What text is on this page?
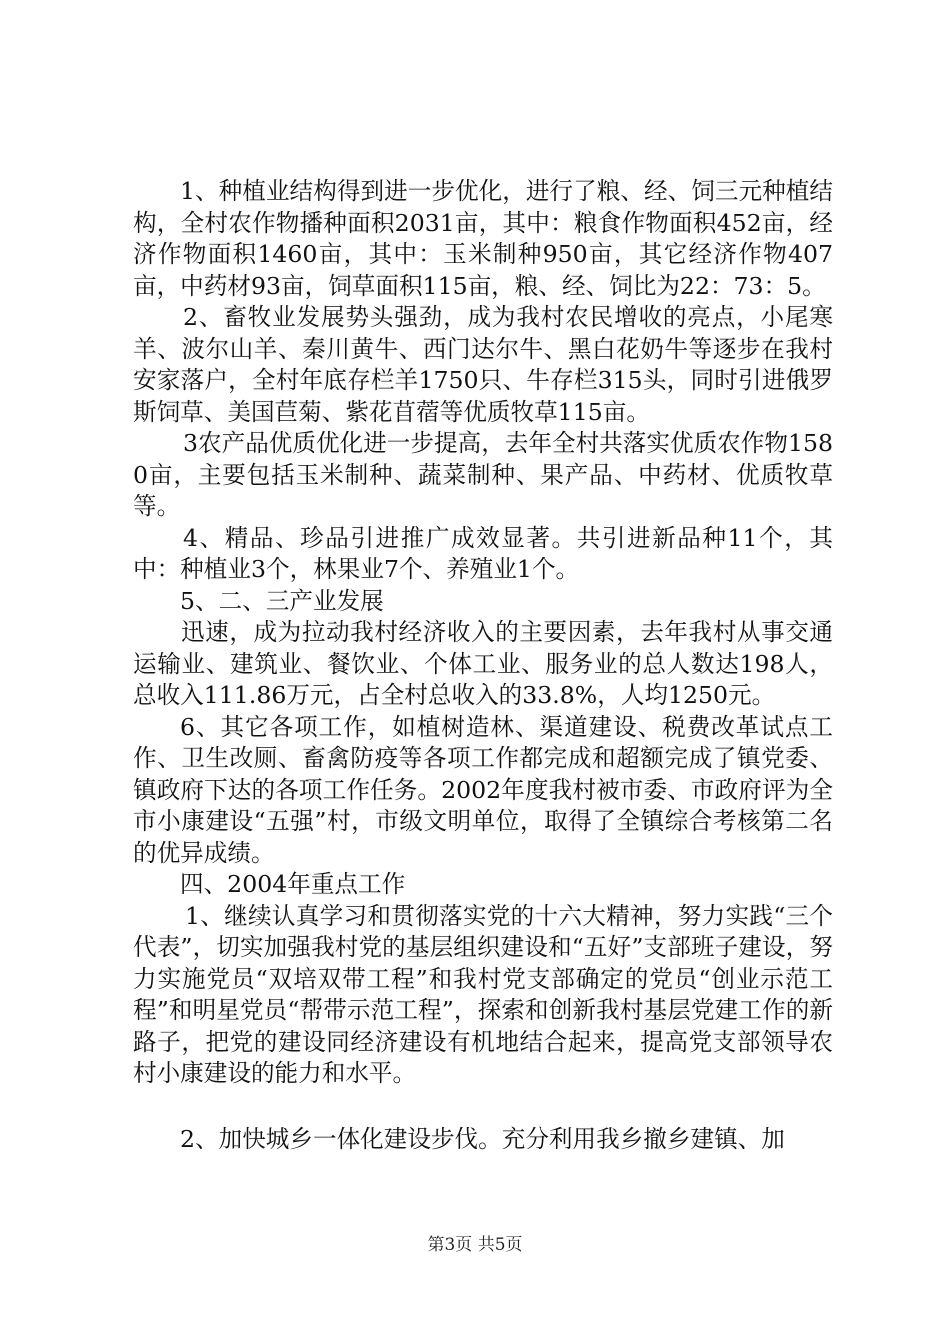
1、种植业结构得到进一步优化，进行了粮、经、饲三元种植结构，全村农作物播种面积2031亩，其中：粮食作物面积452亩，经济作物面积1460亩，其中：玉米制种950亩，其它经济作物407亩，中药材93亩，饲草面积115亩，粮、经、饲比为22：73：5。

2、畜牧业发展势头强劲，成为我村农民增收的亮点，小尾寒羊、波尔山羊、秦川黄牛、西门达尔牛、黑白花奶牛等逐步在我村安家落户，全村年底存栏羊1750只、牛存栏315头，同时引进俄罗斯饲草、美国苣菊、紫花苜蓿等优质牧草115亩。

3农产品优质优化进一步提高，去年全村共落实优质农作物1580亩，主要包括玉米制种、蔬菜制种、果产品、中药材、优质牧草等。

4、精品、珍品引进推广成效显著。共引进新品种11个，其中：种植业3个，林果业7个、养殖业1个。

5、二、三产业发展

迅速，成为拉动我村经济收入的主要因素，去年我村从事交通运输业、建筑业、餐饮业、个体工业、服务业的总人数达198人，总收入111.86万元，占全村总收入的33.8%，人均1250元。

6、其它各项工作，如植树造林、渠道建设、税费改革试点工作、卫生改厕、畜禽防疫等各项工作都完成和超额完成了镇党委、镇政府下达的各项工作任务。2002年度我村被市委、市政府评为全市小康建设“五强”村，市级文明单位，取得了全镇综合考核第二名的优异成绩。

四、2004年重点工作

1、继续认真学习和贯彻落实党的十六大精神，努力实践“三个代表”，切实加强我村党的基层组织建设和“五好”支部班子建设，努力实施党员“双培双带工程”和我村党支部确定的党员“创业示范工程”和明星党员“帮带示范工程”，探索和创新我村基层党建工作的新路子，把党的建设同经济建设有机地结合起来，提高党支部领导农村小康建设的能力和水平。

2、加快城乡一体化建设步伐。充分利用我乡撤乡建镇、加

第3页 共5页
